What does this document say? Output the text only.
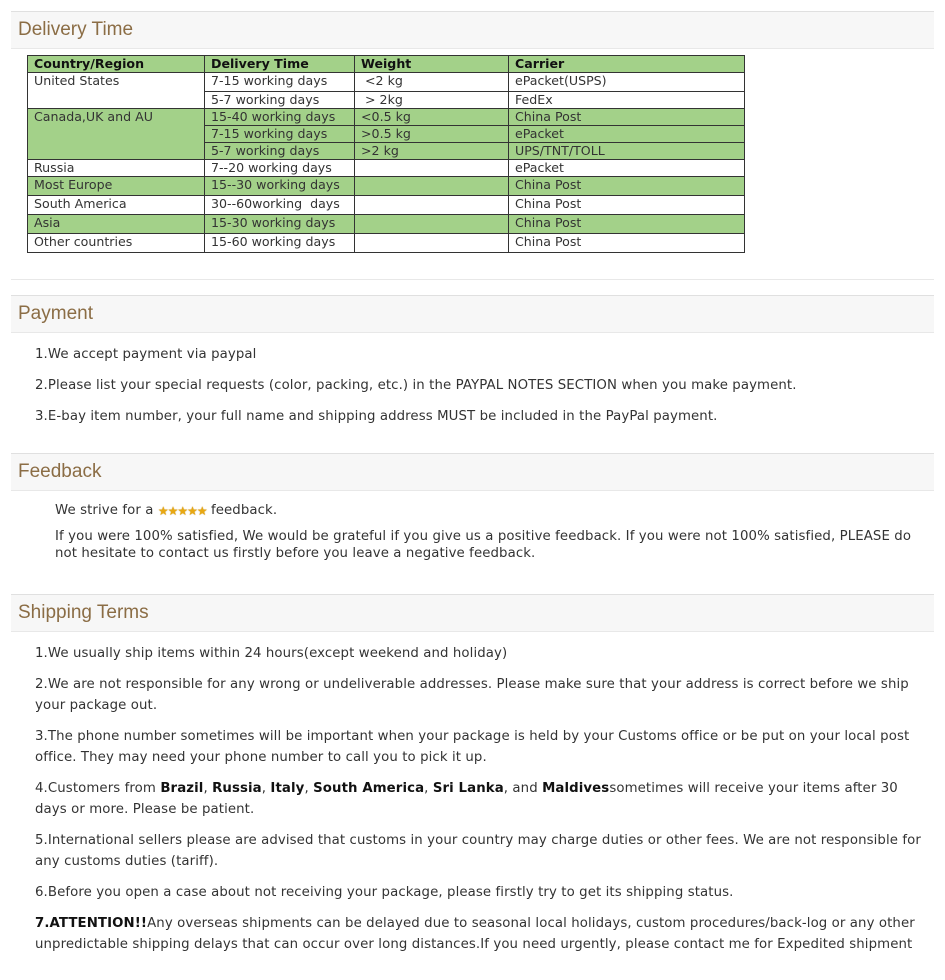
Delivery Time
Country/Region	Delivery Time	Weight	Carrier
United States	7-15 working days	<2 kg	ePacket(USPS)
	5-7 working days	> 2kg	FedEx
Canada,UK and AU	15-40 working days	<0.5 kg	China Post
	7-15 working days	>0.5 kg	ePacket
	5-7 working days	>2 kg	UPS/TNT/TOLL
Russia	7--20 working days		ePacket
Most Europe	15--30 working days		China Post
South America	30--60working  days		China Post
Asia	15-30 working days		China Post
Other countries	15-60 working days		China Post
Payment
1.We accept payment via paypal
2.Please list your special requests (color, packing, etc.) in the PAYPAL NOTES SECTION when you make payment.
3.E-bay item number, your full name and shipping address MUST be included in the PayPal payment.
Feedback
We strive for a ★★★★★ feedback.
If you were 100% satisfied, We would be grateful if you give us a positive feedback. If you were not 100% satisfied, PLEASE do not hesitate to contact us firstly before you leave a negative feedback.
Shipping Terms
1.We usually ship items within 24 hours(except weekend and holiday)
2.We are not responsible for any wrong or undeliverable addresses. Please make sure that your address is correct before we ship your package out.
3.The phone number sometimes will be important when your package is held by your Customs office or be put on your local post office. They may need your phone number to call you to pick it up.
4.Customers from Brazil, Russia, Italy, South America, Sri Lanka, and Maldivessometimes will receive your items after 30 days or more. Please be patient.
5.International sellers please are advised that customs in your country may charge duties or other fees. We are not responsible for any customs duties (tariff).
6.Before you open a case about not receiving your package, please firstly try to get its shipping status.
7.ATTENTION!!Any overseas shipments can be delayed due to seasonal local holidays, custom procedures/back-log or any other unpredictable shipping delays that can occur over long distances.If you need urgently, please contact me for Expedited shipment
